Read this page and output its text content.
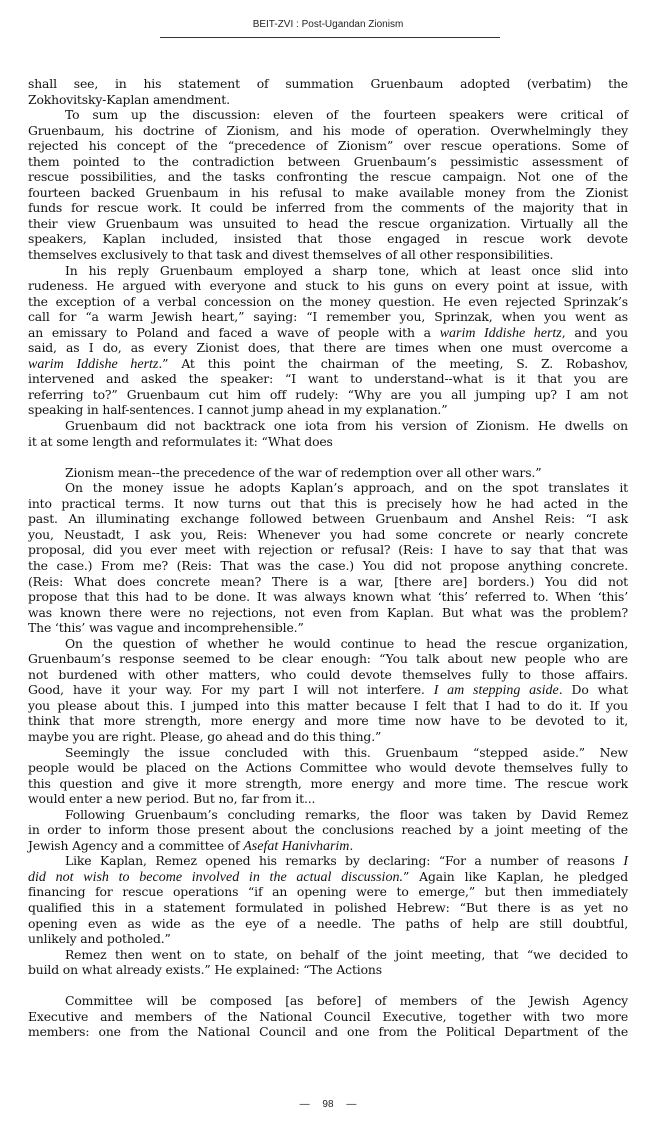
BEIT-ZVI : Post-Ugandan Zionism
shall see, in his statement of summation Gruenbaum adopted (verbatim) the
Zokhovitsky-Kaplan amendment.
To sum up the discussion: eleven of the fourteen speakers were critical of
Gruenbaum, his doctrine of Zionism, and his mode of operation. Overwhelmingly they
rejected his concept of the “precedence of Zionism” over rescue operations. Some of
them pointed to the contradiction between Gruenbaum’s pessimistic assessment of
rescue possibilities, and the tasks confronting the rescue campaign. Not one of the
fourteen backed Gruenbaum in his refusal to make available money from the Zionist
funds for rescue work. It could be inferred from the comments of the majority that in
their view Gruenbaum was unsuited to head the rescue organization. Virtually all the
speakers, Kaplan included, insisted that those engaged in rescue work devote
themselves exclusively to that task and divest themselves of all other responsibilities.
In his reply Gruenbaum employed a sharp tone, which at least once slid into
rudeness. He argued with everyone and stuck to his guns on every point at issue, with
the exception of a verbal concession on the money question. He even rejected Sprinzak’s
call for “a warm Jewish heart,” saying: “I remember you, Sprinzak, when you went as
an emissary to Poland and faced a wave of people with a warim Iddishe hertz, and you
said, as I do, as every Zionist does, that there are times when one must overcome a
warim Iddishe hertz.” At this point the chairman of the meeting, S. Z. Robashov,
intervened and asked the speaker: “I want to understand--what is it that you are
referring to?” Gruenbaum cut him off rudely: “Why are you all jumping up? I am not
speaking in half-sentences. I cannot jump ahead in my explanation.”
Gruenbaum did not backtrack one iota from his version of Zionism. He dwells on
it at some length and reformulates it: “What does
Zionism mean--the precedence of the war of redemption over all other wars.”
On the money issue he adopts Kaplan’s approach, and on the spot translates it
into practical terms. It now turns out that this is precisely how he had acted in the
past. An illuminating exchange followed between Gruenbaum and Anshel Reis: “I ask
you, Neustadt, I ask you, Reis: Whenever you had some concrete or nearly concrete
proposal, did you ever meet with rejection or refusal? (Reis: I have to say that that was
the case.) From me? (Reis: That was the case.) You did not propose anything concrete.
(Reis: What does concrete mean? There is a war, [there are] borders.) You did not
propose that this had to be done. It was always known what ‘this’ referred to. When ‘this’
was known there were no rejections, not even from Kaplan. But what was the problem?
The ‘this’ was vague and incomprehensible.”
On the question of whether he would continue to head the rescue organization,
Gruenbaum’s response seemed to be clear enough: “You talk about new people who are
not burdened with other matters, who could devote themselves fully to those affairs.
Good, have it your way. For my part I will not interfere. I am stepping aside. Do what
you please about this. I jumped into this matter because I felt that I had to do it. If you
think that more strength, more energy and more time now have to be devoted to it,
maybe you are right. Please, go ahead and do this thing.”
Seemingly the issue concluded with this. Gruenbaum “stepped aside.” New
people would be placed on the Actions Committee who would devote themselves fully to
this question and give it more strength, more energy and more time. The rescue work
would enter a new period. But no, far from it...
Following Gruenbaum’s concluding remarks, the floor was taken by David Remez
in order to inform those present about the conclusions reached by a joint meeting of the
Jewish Agency and a committee of Asefat Hanivharim.
Like Kaplan, Remez opened his remarks by declaring: “For a number of reasons I
did not wish to become involved in the actual discussion.” Again like Kaplan, he pledged
financing for rescue operations “if an opening were to emerge,” but then immediately
qualified this in a statement formulated in polished Hebrew: “But there is as yet no
opening even as wide as the eye of a needle. The paths of help are still doubtful,
unlikely and potholed.”
Remez then went on to state, on behalf of the joint meeting, that “we decided to
build on what already exists.” He explained: “The Actions
Committee will be composed [as before] of members of the Jewish Agency
Executive and members of the National Council Executive, together with two more
members: one from the National Council and one from the Political Department of the
— 98 —
